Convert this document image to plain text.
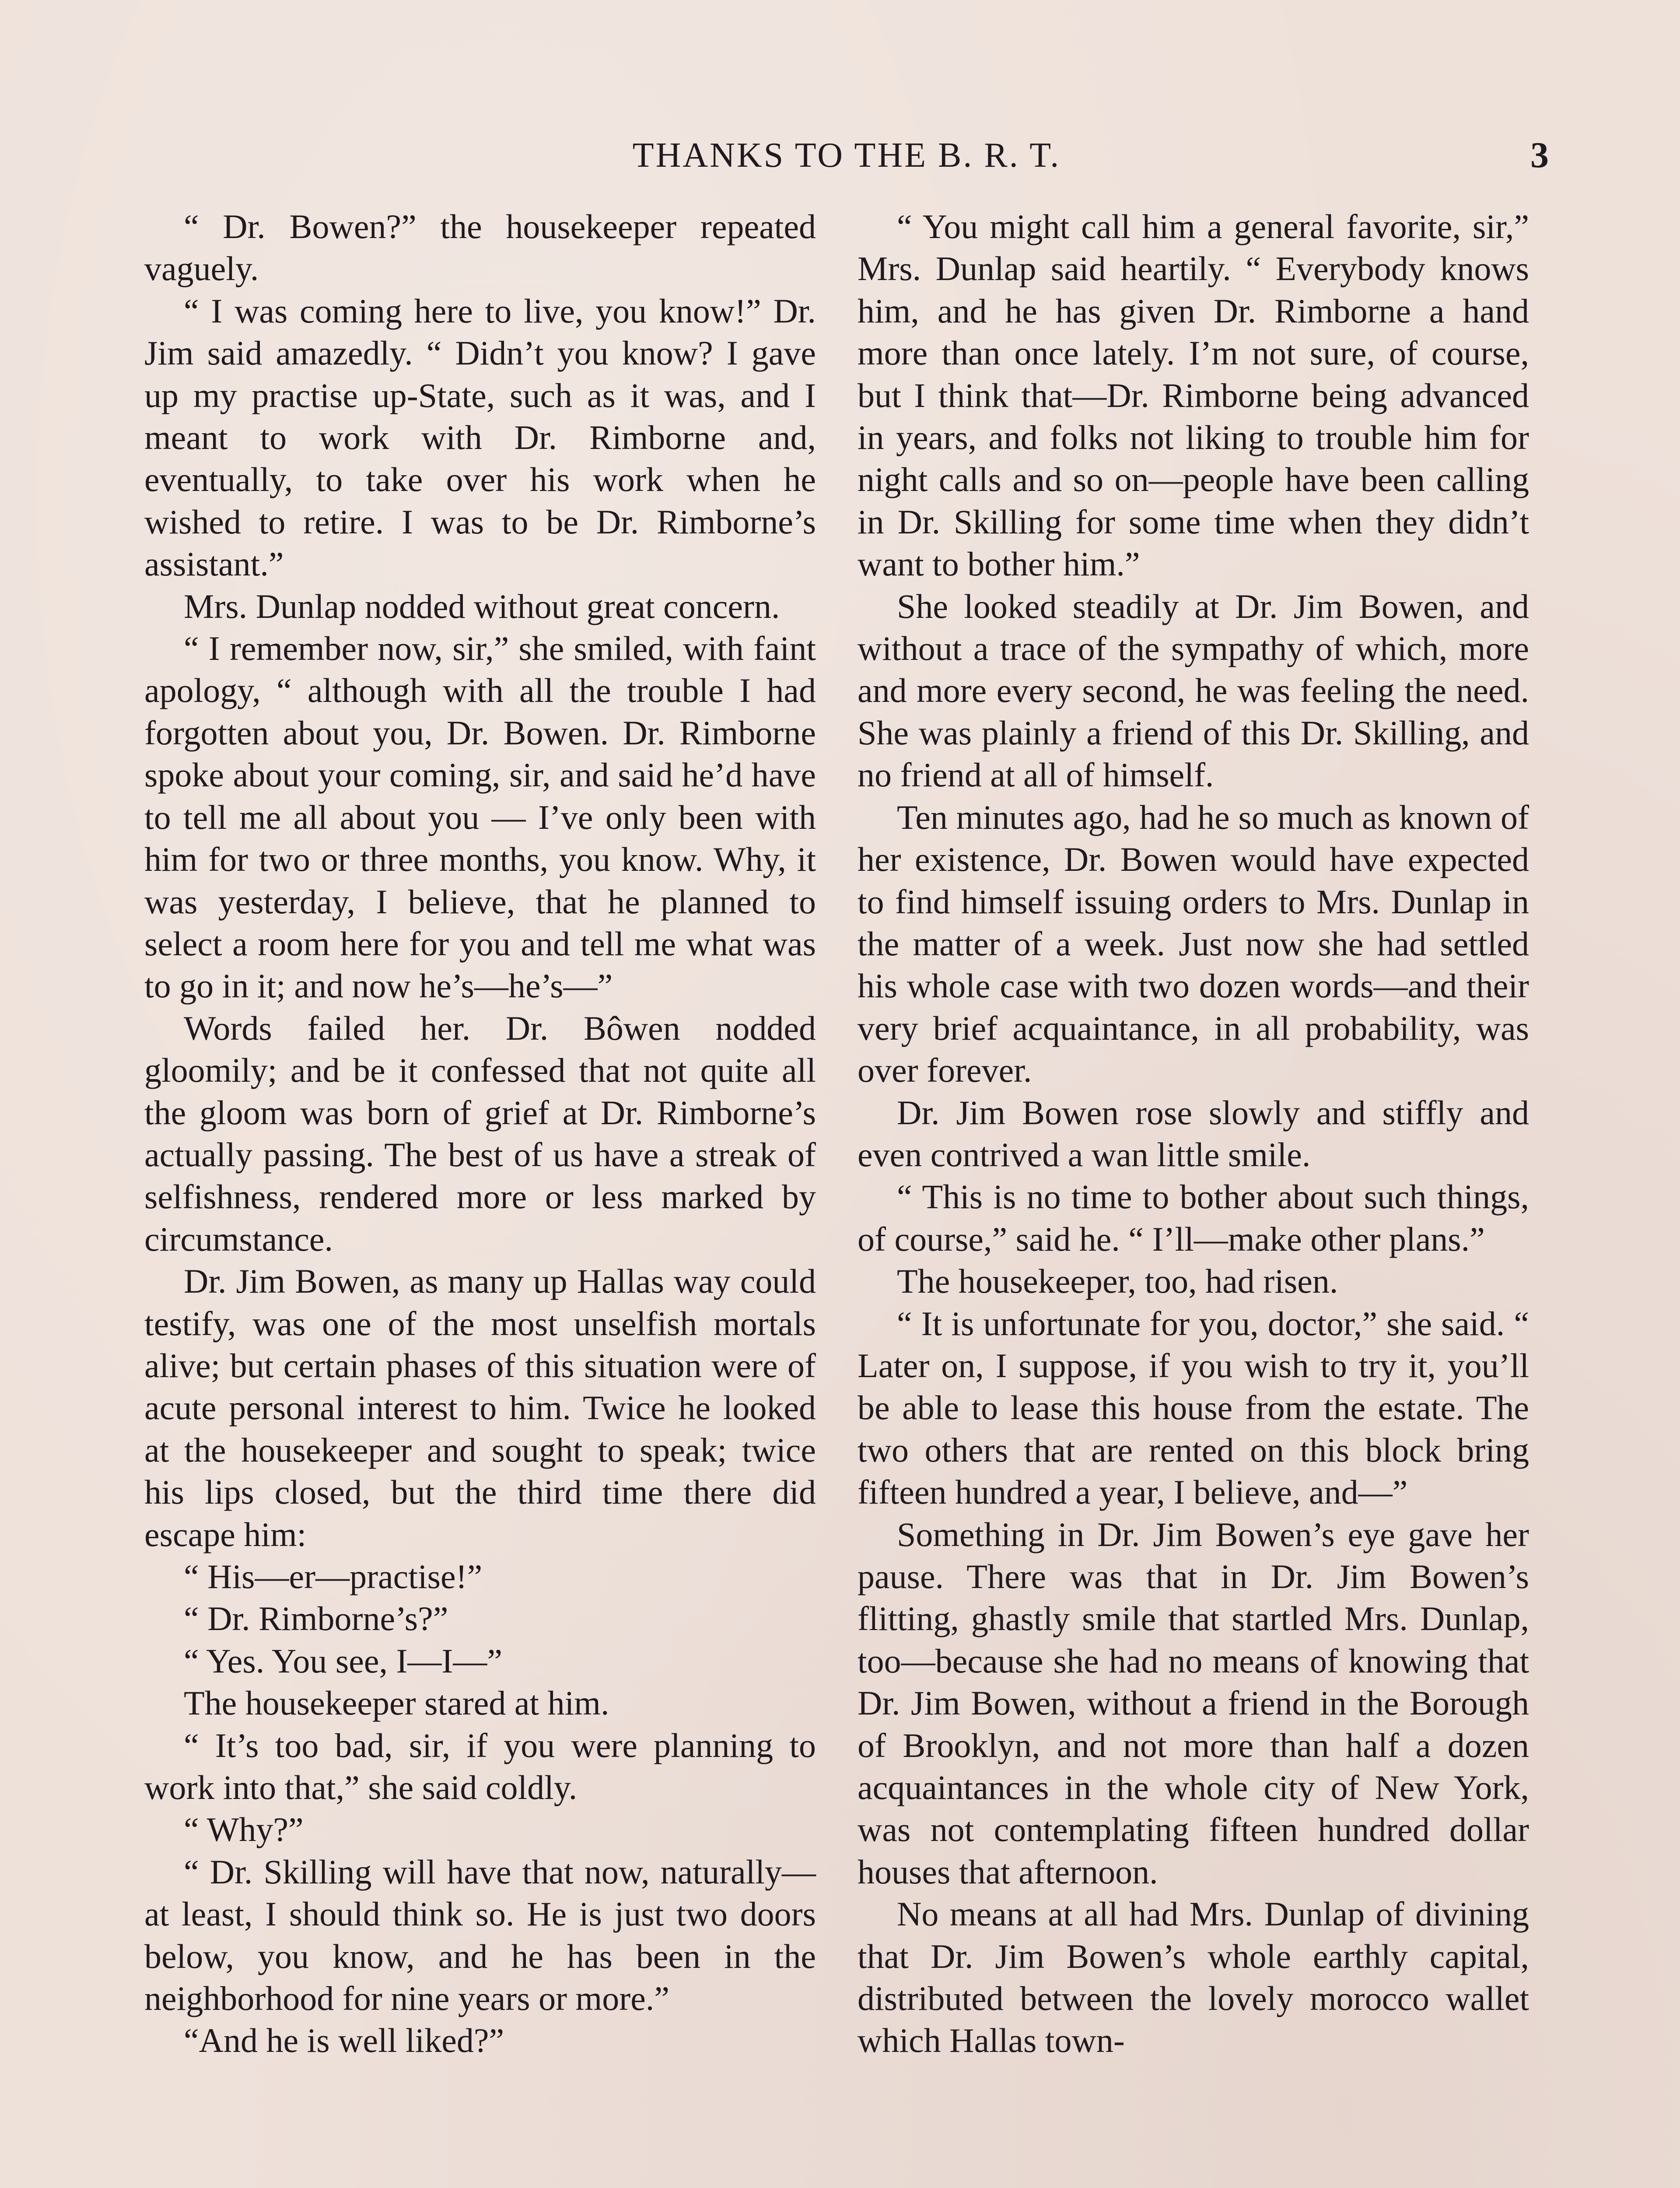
THANKS TO THE B. R. T.	3

“ Dr. Bowen?” the housekeeper repeated vaguely.

“ I was coming here to live, you know!” Dr. Jim said amazedly. “ Didn’t you know? I gave up my practise up-State, such as it was, and I meant to work with Dr. Rimborne and, eventually, to take over his work when he wished to retire. I was to be Dr. Rimborne’s assistant.”

Mrs. Dunlap nodded without great concern.

“ I remember now, sir,” she smiled, with faint apology, “ although with all the trouble I had forgotten about you, Dr. Bowen. Dr. Rimborne spoke about your coming, sir, and said he’d have to tell me all about you — I’ve only been with him for two or three months, you know. Why, it was yesterday, I believe, that he planned to select a room here for you and tell me what was to go in it; and now he’s—he’s—”

Words failed her. Dr. Bôwen nodded gloomily; and be it confessed that not quite all the gloom was born of grief at Dr. Rimborne’s actually passing. The best of us have a streak of selfishness, rendered more or less marked by circumstance.

Dr. Jim Bowen, as many up Hallas way could testify, was one of the most unselfish mortals alive; but certain phases of this situation were of acute personal interest to him. Twice he looked at the housekeeper and sought to speak; twice his lips closed, but the third time there did escape him:

“ His—er—practise!”

“ Dr. Rimborne’s?”

“ Yes. You see, I—I—”

The housekeeper stared at him.

“ It’s too bad, sir, if you were planning to work into that,” she said coldly.

“ Why?”

“ Dr. Skilling will have that now, naturally—at least, I should think so. He is just two doors below, you know, and he has been in the neighborhood for nine years or more.”

“And he is well liked?”

“ You might call him a general favorite, sir,” Mrs. Dunlap said heartily. “ Everybody knows him, and he has given Dr. Rimborne a hand more than once lately. I’m not sure, of course, but I think that—Dr. Rimborne being advanced in years, and folks not liking to trouble him for night calls and so on—people have been calling in Dr. Skilling for some time when they didn’t want to bother him.”

She looked steadily at Dr. Jim Bowen, and without a trace of the sympathy of which, more and more every second, he was feeling the need. She was plainly a friend of this Dr. Skilling, and no friend at all of himself.

Ten minutes ago, had he so much as known of her existence, Dr. Bowen would have expected to find himself issuing orders to Mrs. Dunlap in the matter of a week. Just now she had settled his whole case with two dozen words—and their very brief acquaintance, in all probability, was over forever.

Dr. Jim Bowen rose slowly and stiffly and even contrived a wan little smile.

“ This is no time to bother about such things, of course,” said he. “ I’ll—make other plans.”

The housekeeper, too, had risen.

“ It is unfortunate for you, doctor,” she said. “ Later on, I suppose, if you wish to try it, you’ll be able to lease this house from the estate. The two others that are rented on this block bring fifteen hundred a year, I believe, and—”

Something in Dr. Jim Bowen’s eye gave her pause. There was that in Dr. Jim Bowen’s flitting, ghastly smile that startled Mrs. Dunlap, too—because she had no means of knowing that Dr. Jim Bowen, without a friend in the Borough of Brooklyn, and not more than half a dozen acquaintances in the whole city of New York, was not contemplating fifteen hundred dollar houses that afternoon.

No means at all had Mrs. Dunlap of divining that Dr. Jim Bowen’s whole earthly capital, distributed between the lovely morocco wallet which Hallas town-
